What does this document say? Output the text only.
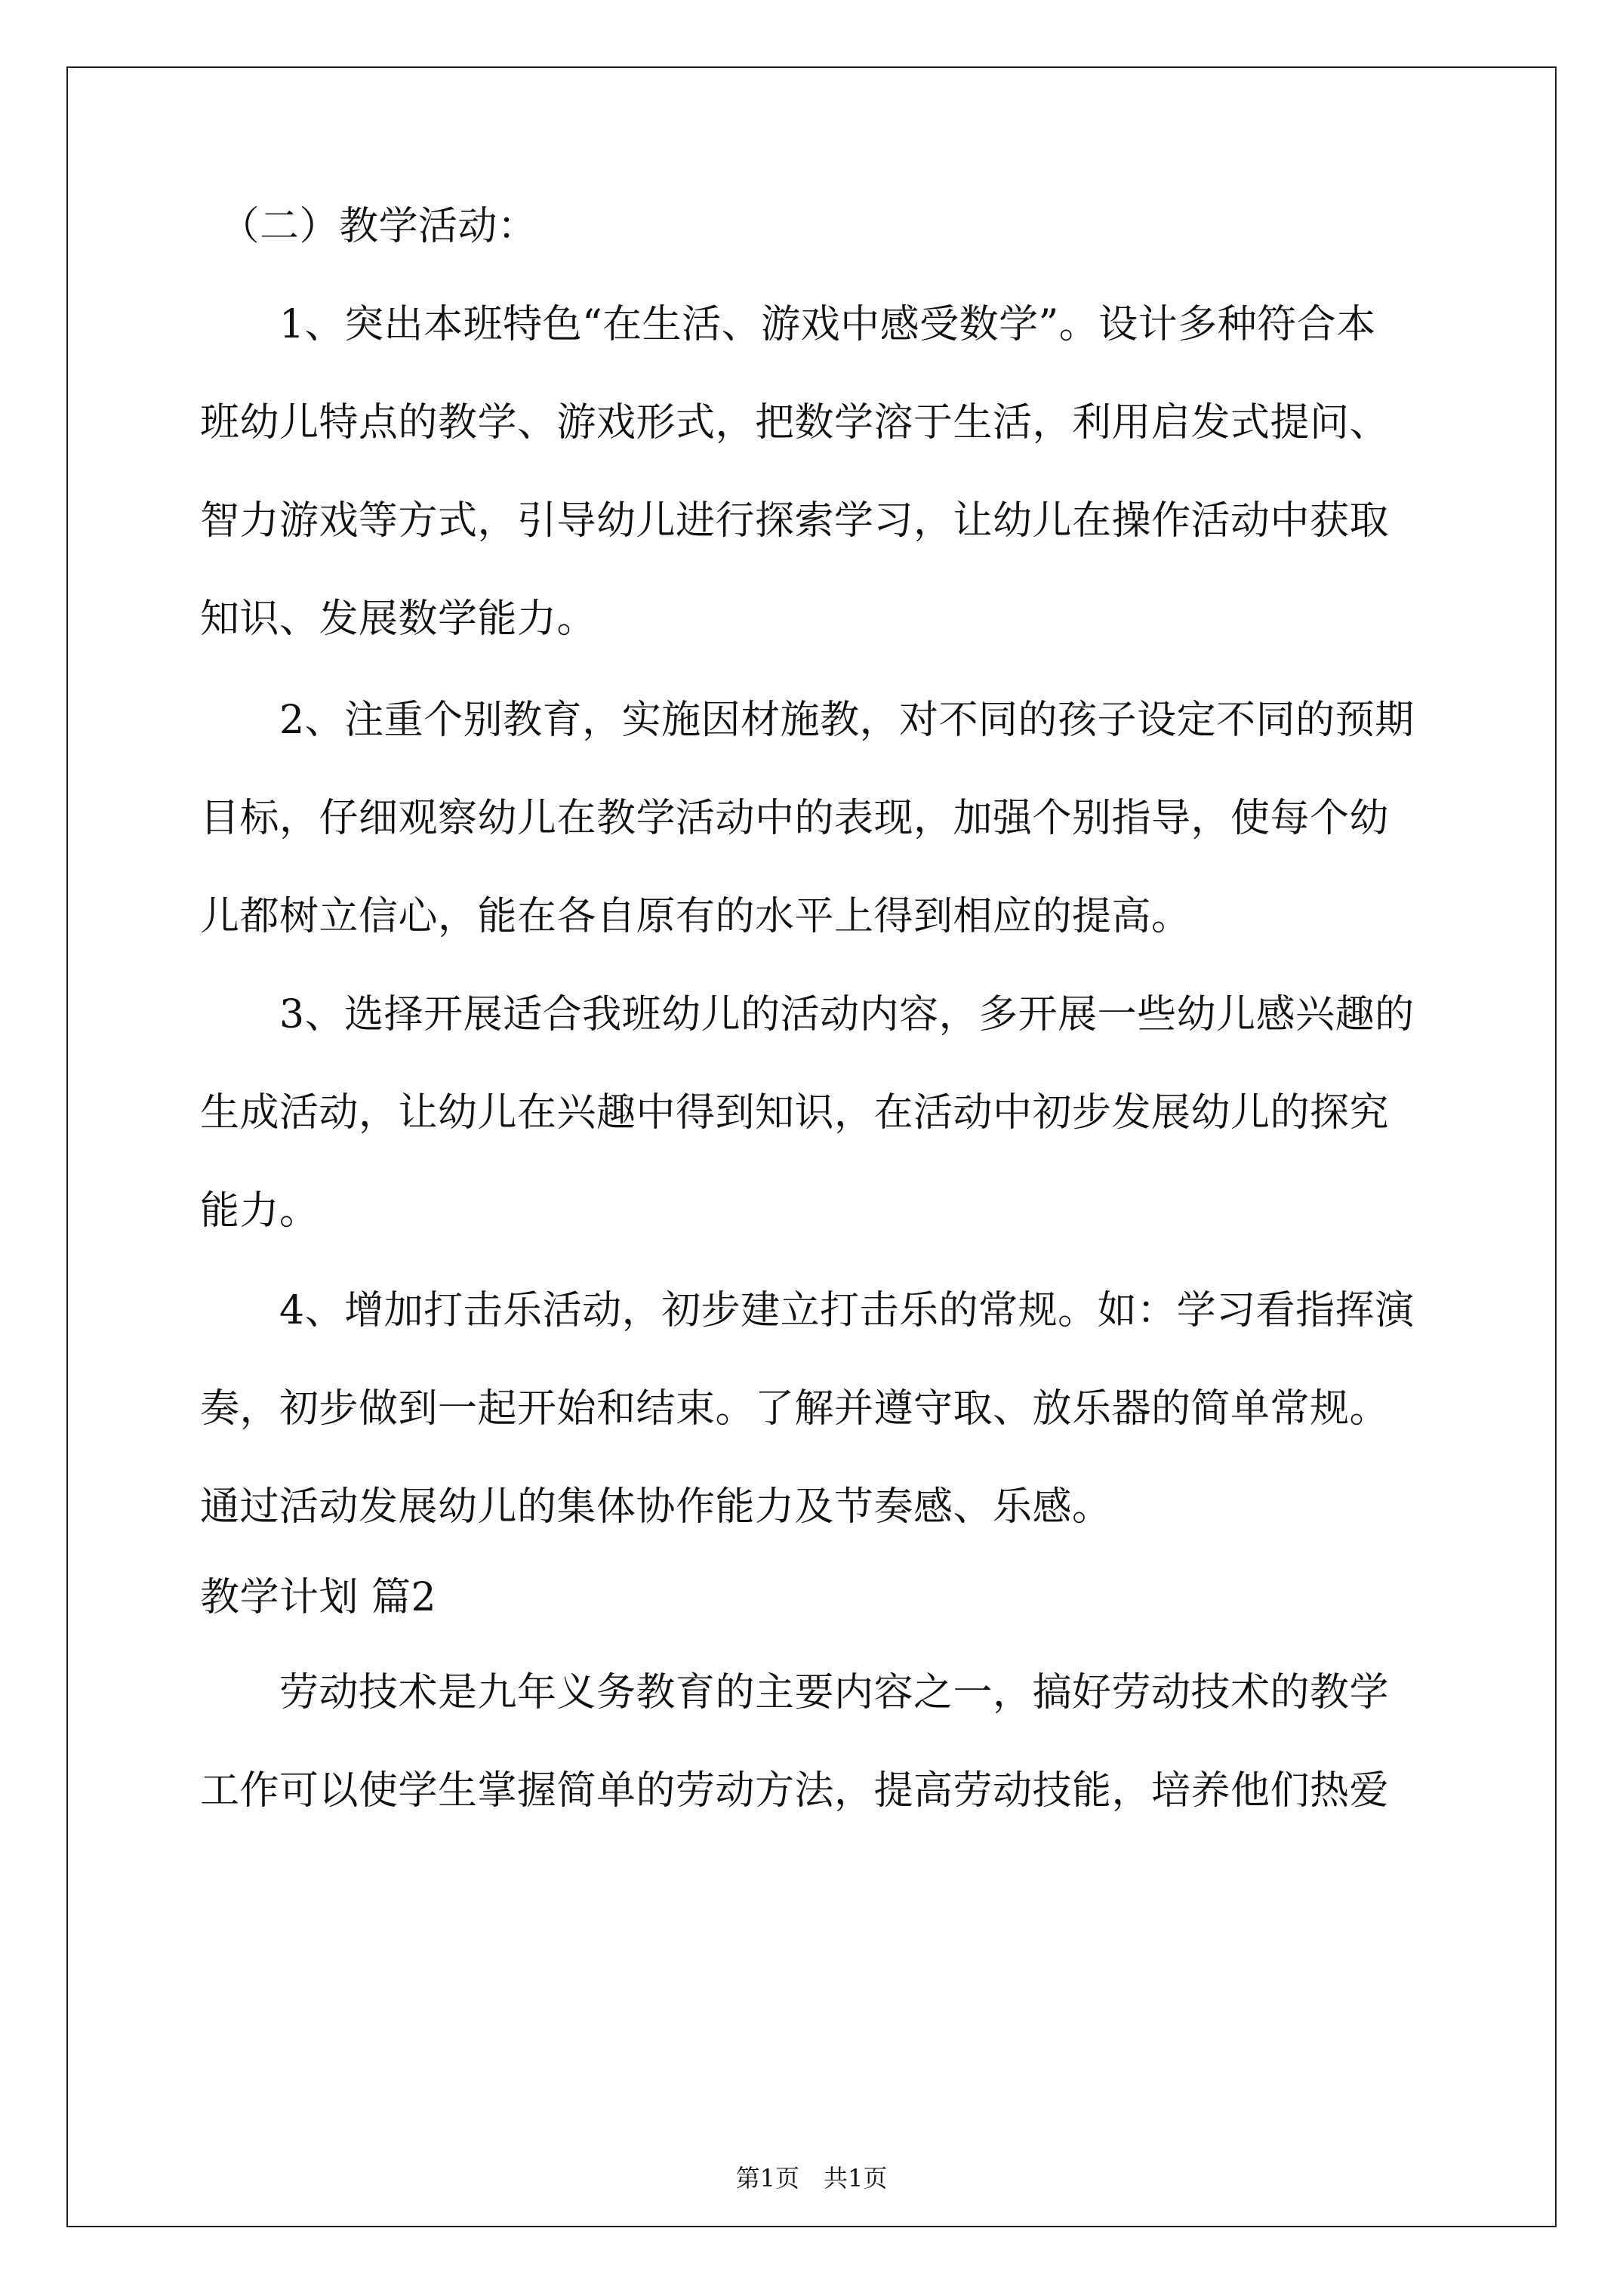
　（二）教学活动：
　　1、突出本班特色“在生活、游戏中感受数学”。设计多种符合本
班幼儿特点的教学、游戏形式，把数学溶于生活，利用启发式提问、
智力游戏等方式，引导幼儿进行探索学习，让幼儿在操作活动中获取
知识、发展数学能力。
　　2、注重个别教育，实施因材施教，对不同的孩子设定不同的预期
目标，仔细观察幼儿在教学活动中的表现，加强个别指导，使每个幼
儿都树立信心，能在各自原有的水平上得到相应的提高。
　　3、选择开展适合我班幼儿的活动内容，多开展一些幼儿感兴趣的
生成活动，让幼儿在兴趣中得到知识，在活动中初步发展幼儿的探究
能力。
　　4、增加打击乐活动，初步建立打击乐的常规。如：学习看指挥演
奏，初步做到一起开始和结束。了解并遵守取、放乐器的简单常规。
通过活动发展幼儿的集体协作能力及节奏感、乐感。
教学计划 篇2
　　劳动技术是九年义务教育的主要内容之一，搞好劳动技术的教学
工作可以使学生掌握简单的劳动方法，提高劳动技能，培养他们热爱
第1页　共1页
